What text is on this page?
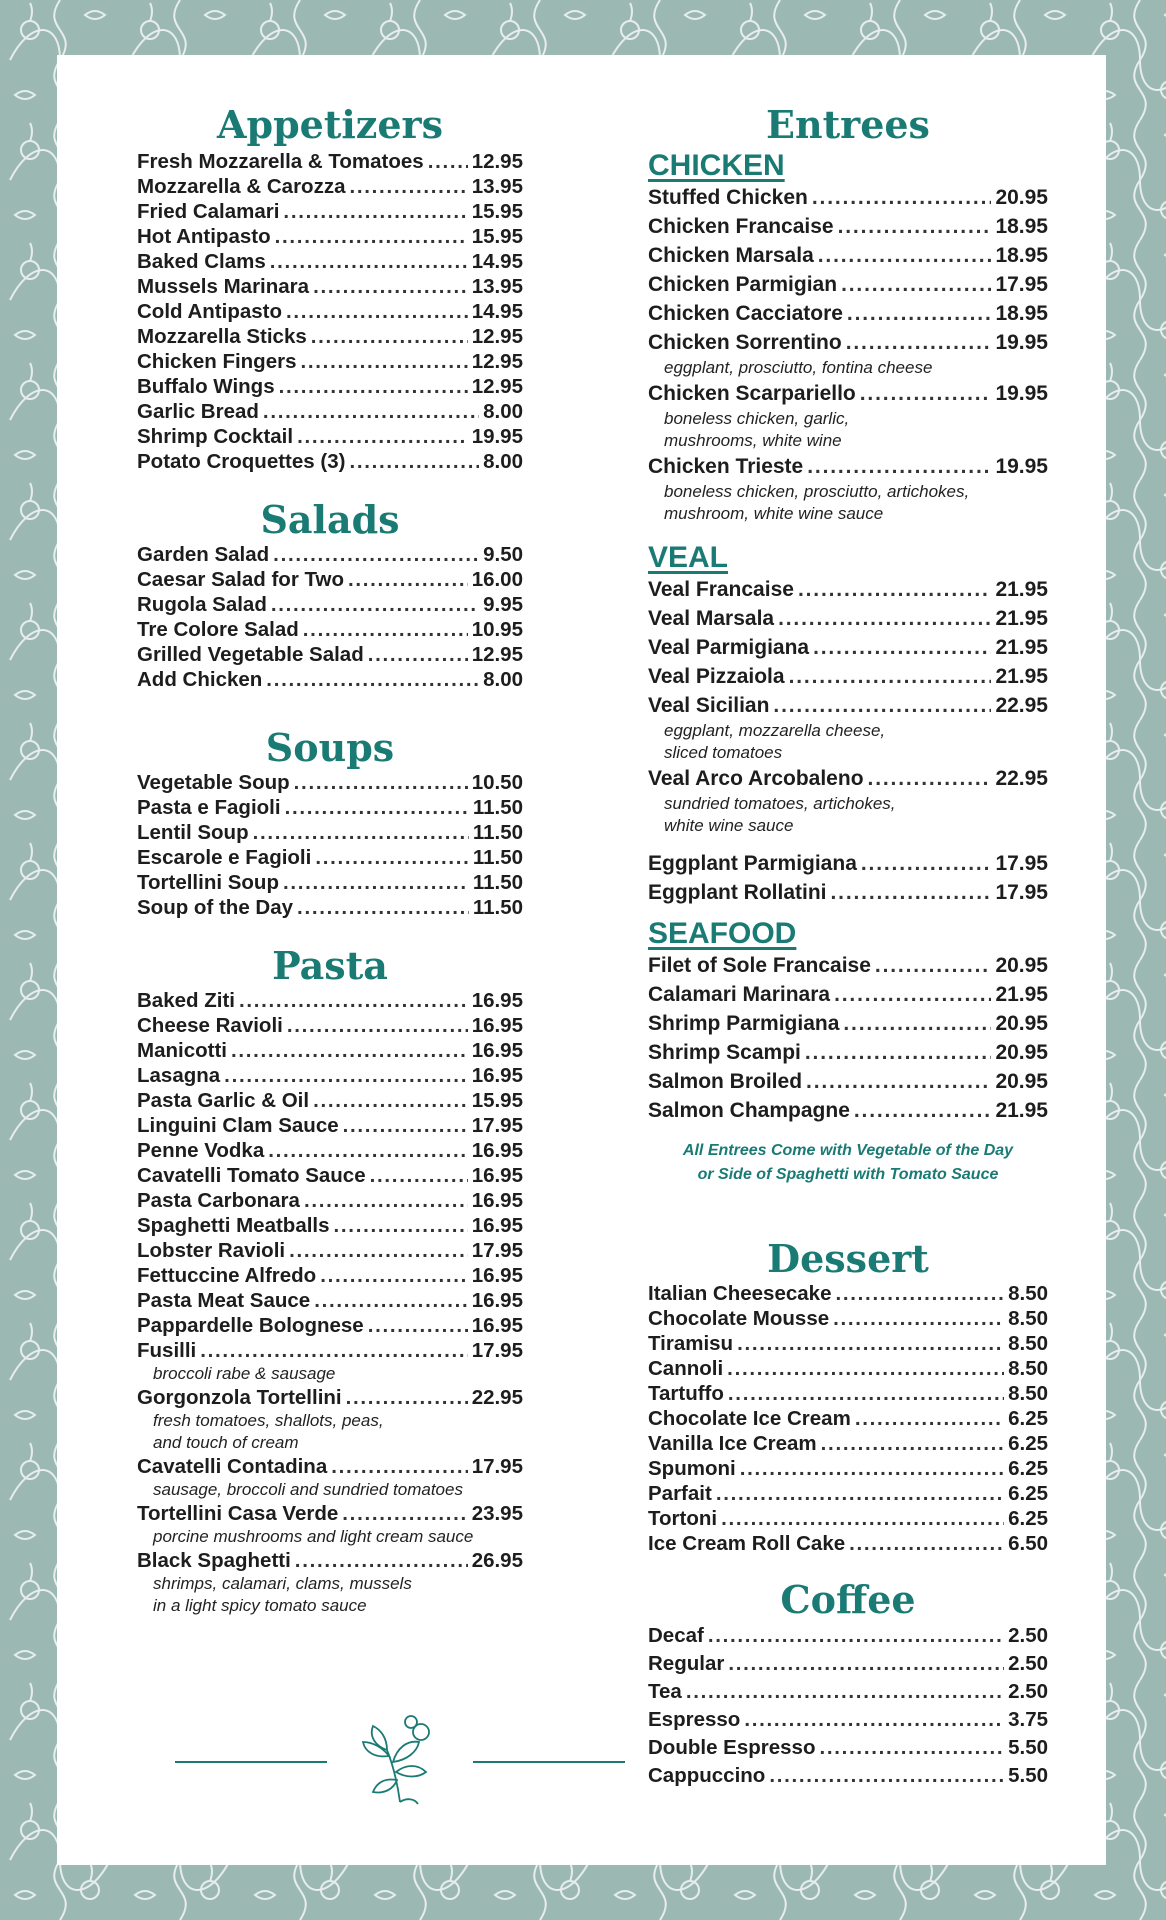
Appetizers
Fresh Mozzarella & Tomatoes . . . 12.95
Mozzarella & Carozza . . .	13.95
Fried Calamari . . .	15.95
Hot Antipasto . . .	15.95
Baked Clams . . .	14.95
Mussels Marinara . . .	13.95
Cold Antipasto . . .	14.95
Mozzarella Sticks . . .	12.95
Chicken Fingers . . .	12.95
Buffalo Wings . . .	12.95
Garlic Bread . . .	8.00
Shrimp Cocktail . . .	19.95
Potato Croquettes (3) . . .	8.00
Salads
Garden Salad . . .	9.50
Caesar Salad for Two . . .	16.00
Rugola Salad . . .	9.95
Tre Colore Salad . . .	10.95
Grilled Vegetable Salad . . .	12.95
Add Chicken . . .	8.00
Soups
Vegetable Soup . . .	10.50
Pasta e Fagioli . . .	11.50
Lentil Soup . . .	11.50
Escarole e Fagioli . . .	11.50
Tortellini Soup . . .	11.50
Soup of the Day . . .	11.50
Pasta
Baked Ziti . . .	16.95
Cheese Ravioli . . .	16.95
Manicotti . . .	16.95
Lasagna . . .	16.95
Pasta Garlic & Oil . . .	15.95
Linguini Clam Sauce . . .	17.95
Penne Vodka . . .	16.95
Cavatelli Tomato Sauce . . .	16.95
Pasta Carbonara . . .	16.95
Spaghetti Meatballs . . .	16.95
Lobster Ravioli . . .	17.95
Fettuccine Alfredo . . .	16.95
Pasta Meat Sauce . . .	16.95
Pappardelle Bolognese . . .	16.95
Fusilli . . .	17.95
broccoli rabe & sausage
Gorgonzola Tortellini . . .	22.95
fresh tomatoes, shallots, peas,
and touch of cream
Cavatelli Contadina . . .	17.95
sausage, broccoli and sundried tomatoes
Tortellini Casa Verde . . .	23.95
porcine mushrooms and light cream sauce
Black Spaghetti . . .	26.95
shrimps, calamari, clams, mussels
in a light spicy tomato sauce
Entrees
CHICKEN
Stuffed Chicken . . .	20.95
Chicken Francaise . . .	18.95
Chicken Marsala . . .	18.95
Chicken Parmigian . . .	17.95
Chicken Cacciatore . . .	18.95
Chicken Sorrentino . . .	19.95
eggplant, prosciutto, fontina cheese
Chicken Scarpariello . . .	19.95
boneless chicken, garlic,
mushrooms, white wine
Chicken Trieste . . .	19.95
boneless chicken, prosciutto, artichokes,
mushroom, white wine sauce
VEAL
Veal Francaise . . .	21.95
Veal Marsala . . .	21.95
Veal Parmigiana . . .	21.95
Veal Pizzaiola . . .	21.95
Veal Sicilian . . .	22.95
eggplant, mozzarella cheese,
sliced tomatoes
Veal Arco Arcobaleno . . .	22.95
sundried tomatoes, artichokes,
white wine sauce
Eggplant Parmigiana . . .	17.95
Eggplant Rollatini . . .	17.95
SEAFOOD
Filet of Sole Francaise . . .	20.95
Calamari Marinara . . .	21.95
Shrimp Parmigiana . . .	20.95
Shrimp Scampi . . .	20.95
Salmon Broiled . . .	20.95
Salmon Champagne . . .	21.95
All Entrees Come with Vegetable of the Day
or Side of Spaghetti with Tomato Sauce
Dessert
Italian Cheesecake . . .	8.50
Chocolate Mousse . . .	8.50
Tiramisu . . .	8.50
Cannoli . . .	8.50
Tartuffo . . .	8.50
Chocolate Ice Cream . . .	6.25
Vanilla Ice Cream . . .	6.25
Spumoni . . .	6.25
Parfait . . .	6.25
Tortoni . . .	6.25
Ice Cream Roll Cake . . .	6.50
Coffee
Decaf . . .	2.50
Regular . . .	2.50
Tea . . .	2.50
Espresso . . .	3.75
Double Espresso . . .	5.50
Cappuccino . . .	5.50
